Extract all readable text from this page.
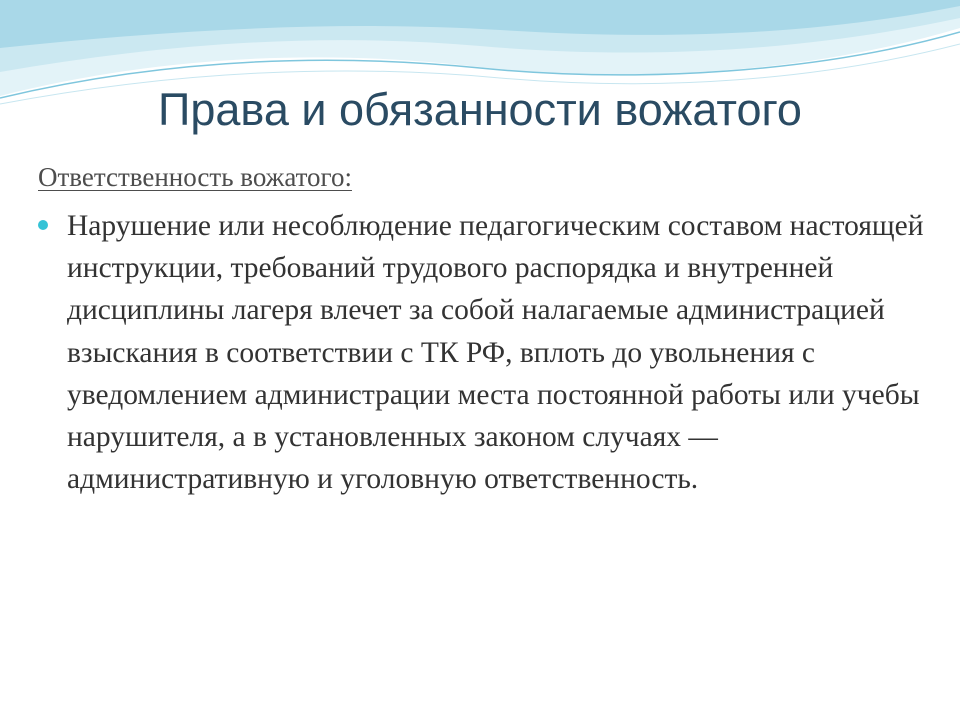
Права и обязанности вожатого
Ответственность вожатого:
Нарушение или несоблюдение педагогическим составом настоящей инструкции, требований трудового распорядка и внутренней дисциплины лагеря влечет за собой налагаемые администрацией взыскания в соответствии с ТК РФ, вплоть до увольнения с уведомлением администрации места постоянной работы или учебы нарушителя, а в установленных законом случаях — административную и уголовную ответственность.
